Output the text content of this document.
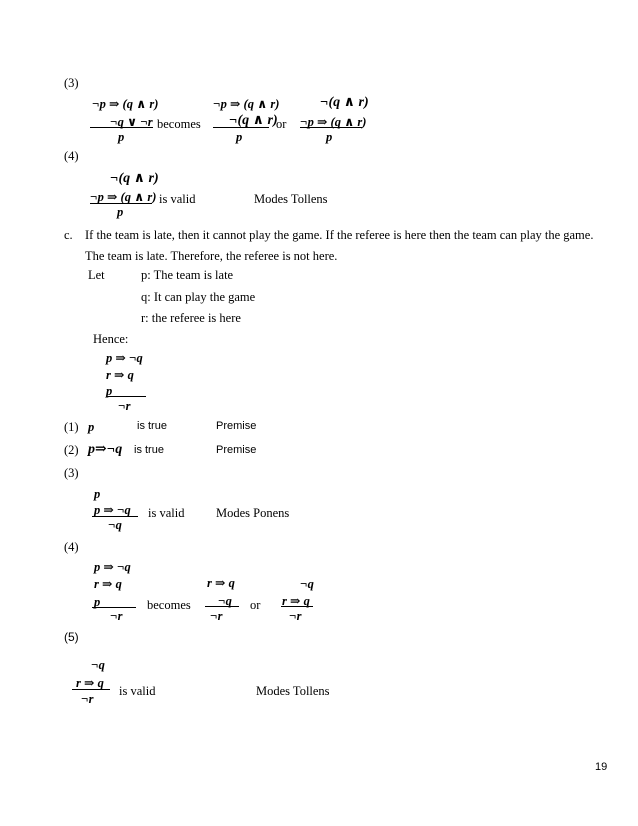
(3)
¬p ⇒ (q ∧ r)
¬q ∨ ¬r
p
becomes
¬p ⇒ (q ∧ r)
¬(q ∧ r)
p
or
¬(q ∧ r)
¬p ⇒ (q ∧ r)
p
(4)
¬(q ∧ r)
¬p ⇒ (q ∧ r)
p
is valid	Modes Tollens
c. If the team is late, then it cannot play the game. If the referee is here then the team can play the game.
The team is late. Therefore, the referee is not here.
Let	p: The team is late
q: It can play the game
r: the referee is here
Hence:
p ⇒ ¬q
r ⇒ q
p
¬r
(1) p	is true	Premise
(2) p⇒¬q is true	Premise
(3)
p
p ⇒ ¬q
¬q
is valid	Modes Ponens
(4)
p ⇒ ¬q
r ⇒ q
p
¬r
becomes
r ⇒ q
¬q
¬r
or
¬q
r ⇒ q
¬r
(5)
¬q
r ⇒ q
¬r
is valid	Modes Tollens
19
